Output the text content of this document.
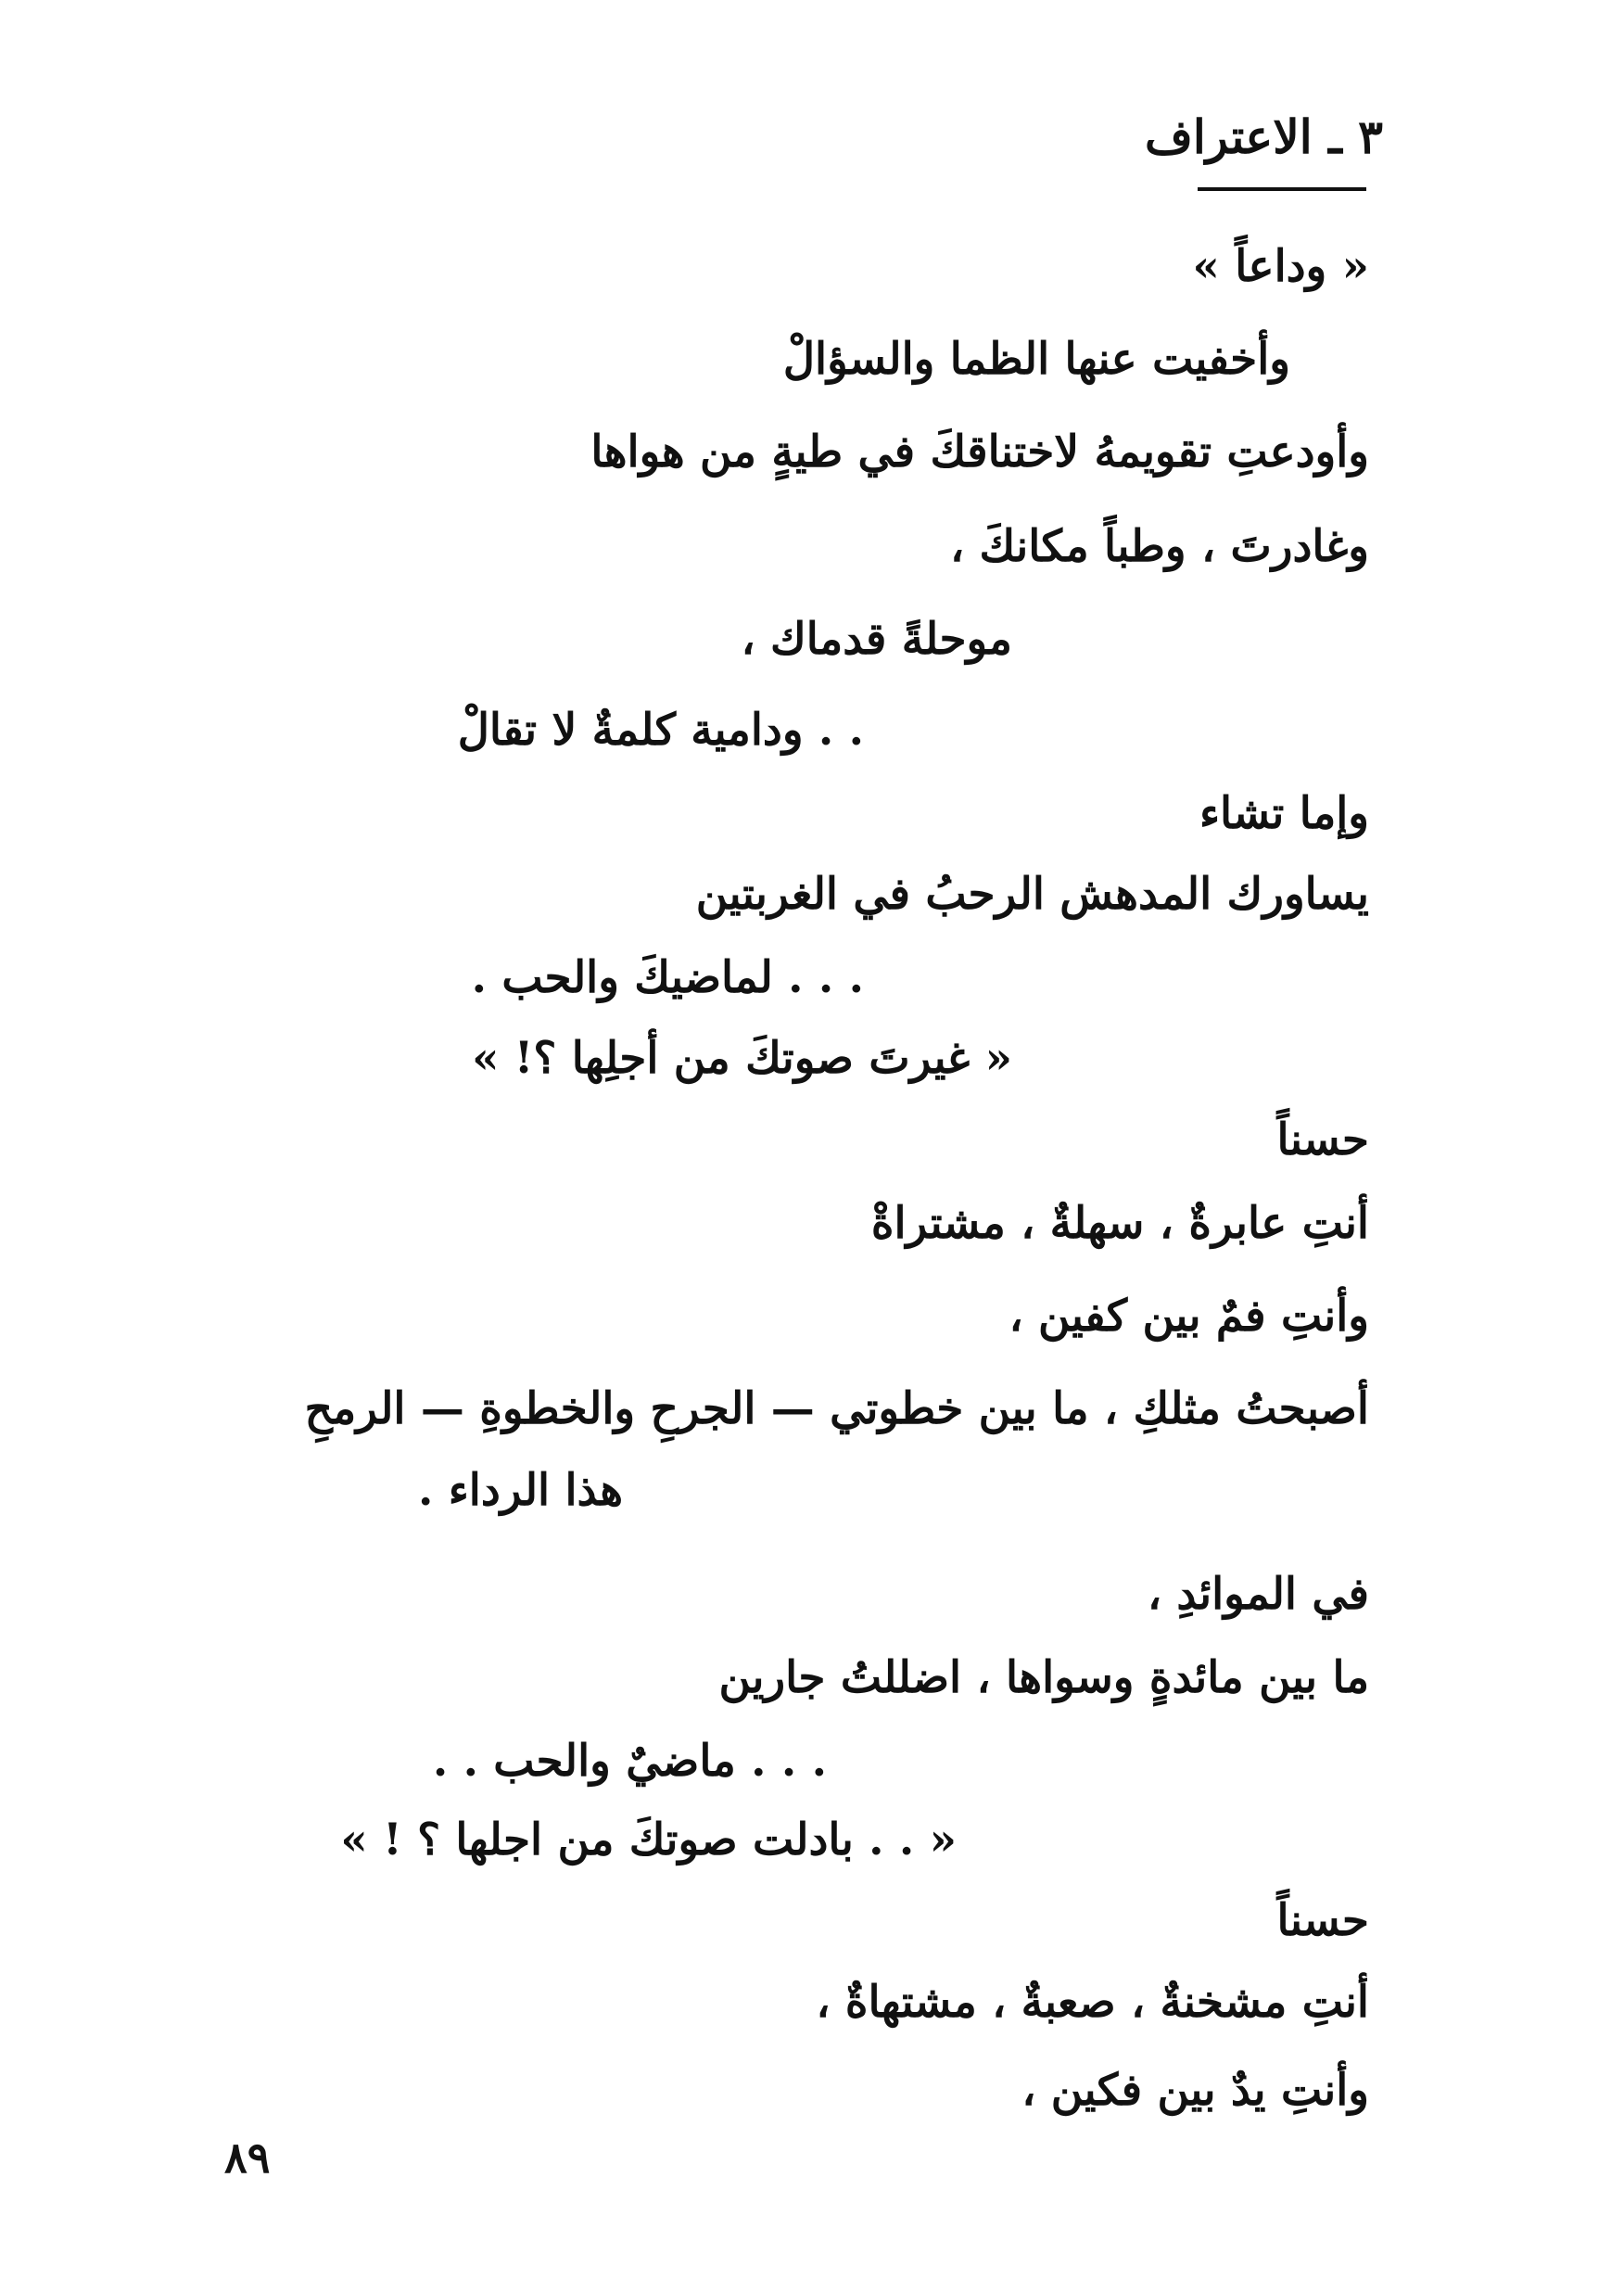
٣ ـ الاعتراف
« وداعاً »
وأخفيت عنها الظما والسؤالْ
وأودعتِ تقويمهُ لاختناقكَ في طيةٍ من هواها
وغادرتَ ، وطباً مكانكَ ،
موحلةً قدماك ،
. . ودامية كلمةٌ لا تقالْ
وإما تشاء
يساورك المدهش الرحبُ في الغربتين
. . . لماضيكَ والحب .
« غيرتَ صوتكَ من أجلِها ؟! »
حسناً
أنتِ عابرةٌ ، سهلةٌ ، مشتراةْ
وأنتِ فمٌ بين كفين ،
أصبحتُ مثلكِ ، ما بين خطوتي — الجرحِ والخطوةِ — الرمحِ
هذا الرداء .
في الموائدِ ،
ما بين مائدةٍ وسواها ، اضللتُ جارين
. . . ماضيٌ والحب . .
« . . بادلت صوتكَ من اجلها ؟ ! »
حسناً
أنتِ مشخنةٌ ، صعبةٌ ، مشتهاةٌ ،
وأنتِ يدٌ بين فكين ،
٨٩
